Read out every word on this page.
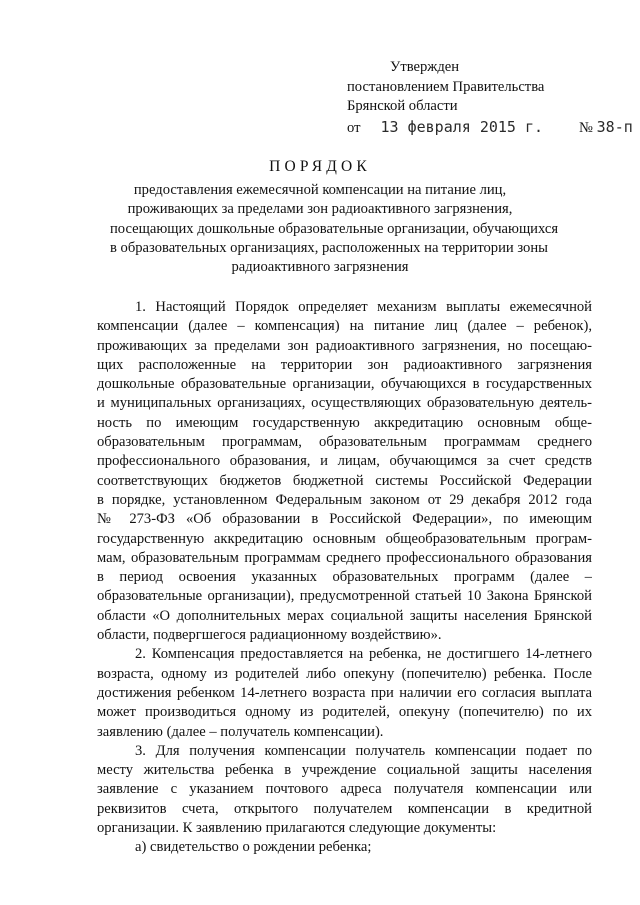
Утвержден
постановлением Правительства
Брянской области
от 13 февраля 2015 г. № 38-п
ПОРЯДОК
предоставления ежемесячной компенсации на питание лиц,
проживающих за пределами зон радиоактивного загрязнения,
посещающих дошкольные образовательные организации, обучающихся
в образовательных организациях, расположенных на территории зоны
радиоактивного загрязнения
1. Настоящий Порядок определяет механизм выплаты ежемесячной
компенсации (далее – компенсация) на питание лиц (далее – ребенок),
проживающих за пределами зон радиоактивного загрязнения, но посещаю-
щих расположенные на территории зон радиоактивного загрязнения
дошкольные образовательные организации, обучающихся в государственных
и муниципальных организациях, осуществляющих образовательную деятель-
ность по имеющим государственную аккредитацию основным обще-
образовательным программам, образовательным программам среднего
профессионального образования, и лицам, обучающимся за счет средств
соответствующих бюджетов бюджетной системы Российской Федерации
в порядке, установленном Федеральным законом от 29 декабря 2012 года
№ 273-ФЗ «Об образовании в Российской Федерации», по имеющим
государственную аккредитацию основным общеобразовательным програм-
мам, образовательным программам среднего профессионального образования
в период освоения указанных образовательных программ (далее –
образовательные организации), предусмотренной статьей 10 Закона Брянской
области «О дополнительных мерах социальной защиты населения Брянской
области, подвергшегося радиационному воздействию».
2. Компенсация предоставляется на ребенка, не достигшего 14-летнего
возраста, одному из родителей либо опекуну (попечителю) ребенка. После
достижения ребенком 14-летнего возраста при наличии его согласия выплата
может производиться одному из родителей, опекуну (попечителю) по их
заявлению (далее – получатель компенсации).
3. Для получения компенсации получатель компенсации подает по
месту жительства ребенка в учреждение социальной защиты населения
заявление с указанием почтового адреса получателя компенсации или
реквизитов счета, открытого получателем компенсации в кредитной
организации. К заявлению прилагаются следующие документы:
а) свидетельство о рождении ребенка;
